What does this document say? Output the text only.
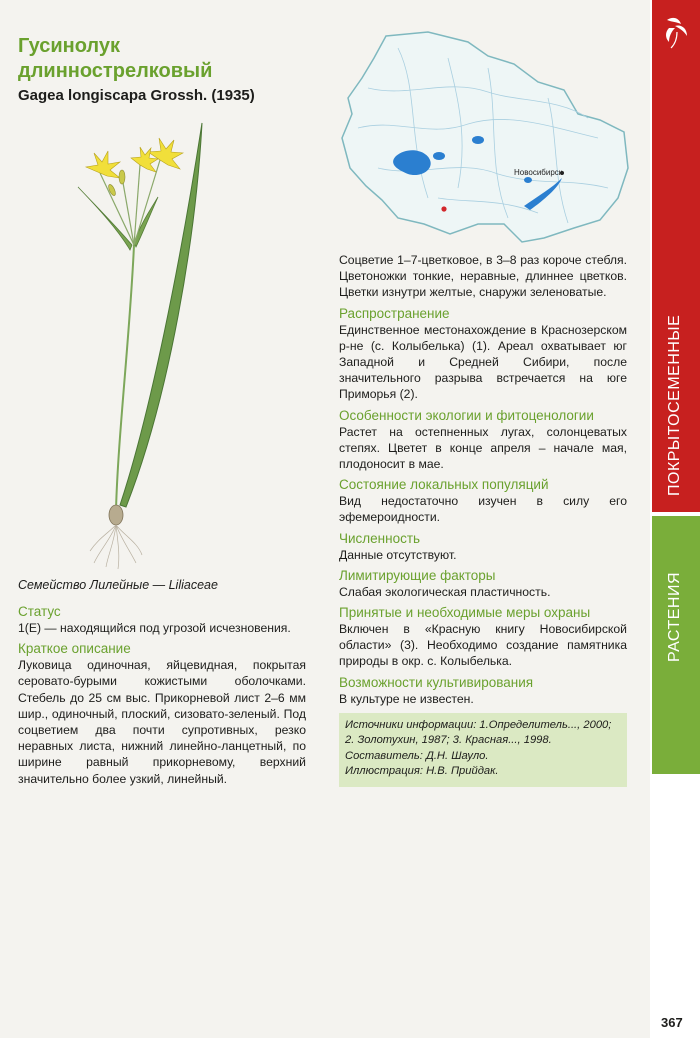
Гусинолук
длиннострелковый
Gagea longiscapa Grossh. (1935)
Семейство Лилейные — Liliaceae
Новосибирск
Статус

1(E) — находящийся под угрозой исчезновения.

Краткое описание

Луковица одиночная, яйцевидная, покрытая серовато-бурыми кожистыми оболочками. Стебель до 25 см выс. Прикорневой лист 2–6 мм шир., одиночный, плоский, сизовато-зеленый. Под соцветием два почти супротивных, резко неравных листа, нижний линейно-ланцетный, по ширине равный прикорневому, верхний значительно более узкий, линейный.

Соцветие 1–7-цветковое, в 3–8 раз короче стебля. Цветоножки тонкие, неравные, длиннее цветков. Цветки изнутри желтые, снаружи зеленоватые.

Распространение

Единственное местонахождение в Краснозерском р-не (с. Колыбелька) (1). Ареал охватывает юг Западной и Средней Сибири, после значительного разрыва встречается на юге Приморья (2).

Особенности экологии и фитоценологии

Растет на остепненных лугах, солонцеватых степях. Цветет в конце апреля – начале мая, плодоносит в мае.

Состояние локальных популяций

Вид недостаточно изучен в силу его эфемероидности.

Численность

Данные отсутствуют.

Лимитирующие факторы

Слабая экологическая пластичность.

Принятые и необходимые меры охраны

Включен в «Красную книгу Новосибирской области» (3). Необходимо создание памятника природы в окр. с. Колыбелька.

Возможности культивирования

В культуре не известен.

Источники информации: 1.Определитель..., 2000;

2. Золотухин, 1987; 3. Красная..., 1998.

Составитель: Д.Н. Шауло.

Иллюстрация: Н.В. Прийдак.

ПОКРЫТОСЕМЕННЫЕ
РАСТЕНИЯ
367
